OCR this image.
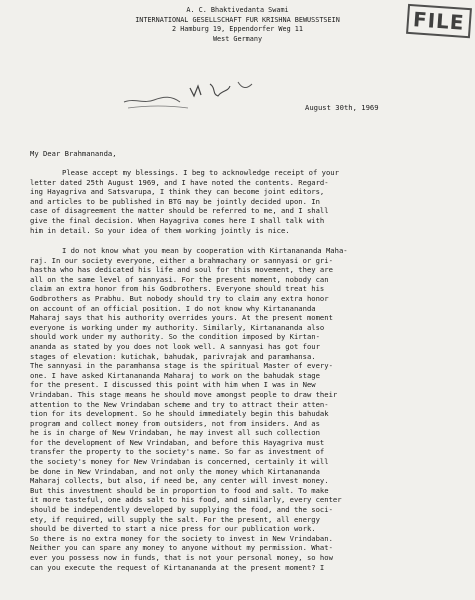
FILE
A. C. Bhaktivedanta Swami
INTERNATIONAL GESELLSCHAFT FUR KRISHNA BEWUSSTSEIN
2 Hamburg 19, Eppendorfer Weg 11
West Germany
August 30th, 1969
My Dear Brahmananda,
Please accept my blessings. I beg to acknowledge receipt of your
letter dated 25th August 1969, and I have noted the contents. Regard-
ing Hayagriva and Satsvarupa, I think they can become joint editors,
and articles to be published in BTG may be jointly decided upon. In
case of disagreement the matter should be referred to me, and I shall
give the final decision. When Hayagriva comes here I shall talk with
him in detail. So your idea of them working jointly is nice.
I do not know what you mean by cooperation with Kirtanananda Maha-
raj. In our society everyone, either a brahmachary or sannyasi or gri-
hastha who has dedicated his life and soul for this movement, they are
all on the same level of sannyasi. For the present moment, nobody can
claim an extra honor from his Godbrothers. Everyone should treat his
Godbrothers as Prabhu. But nobody should try to claim any extra honor
on account of an official position. I do not know why Kirtanananda
Maharaj says that his authority overrides yours. At the present moment
everyone is working under my authority. Similarly, Kirtanananda also
should work under my authority. So the condition imposed by Kirtan-
ananda as stated by you does not look well. A sannyasi has got four
stages of elevation: kutichak, bahudak, parivrajak and paramhansa.
The sannyasi in the paramhansa stage is the spiritual Master of every-
one. I have asked Kirtanananda Maharaj to work on the bahudak stage
for the present. I discussed this point with him when I was in New
Vrindaban. This stage means he should move amongst people to draw their
attention to the New Vrindaban scheme and try to attract their atten-
tion for its development. So he should immediately begin this bahudak
program and collect money from outsiders, not from insiders. And as
he is in charge of New Vrindaban, he may invest all such collection
for the development of New Vrindaban, and before this Hayagriva must
transfer the property to the society's name. So far as investment of
the society's money for New Vrindaban is concerned, certainly it will
be done in New Vrindaban, and not only the money which Kirtanananda
Maharaj collects, but also, if need be, any center will invest money.
But this investment should be in proportion to food and salt. To make
it more tasteful, one adds salt to his food, and similarly, every center
should be independently developed by supplying the food, and the soci-
ety, if required, will supply the salt. For the present, all energy
should be diverted to start a nice press for our publication work.
So there is no extra money for the society to invest in New Vrindaban.
Neither you can spare any money to anyone without my permission. What-
ever you possess now in funds, that is not your personal money, so how
can you execute the request of Kirtanananda at the present moment? I
